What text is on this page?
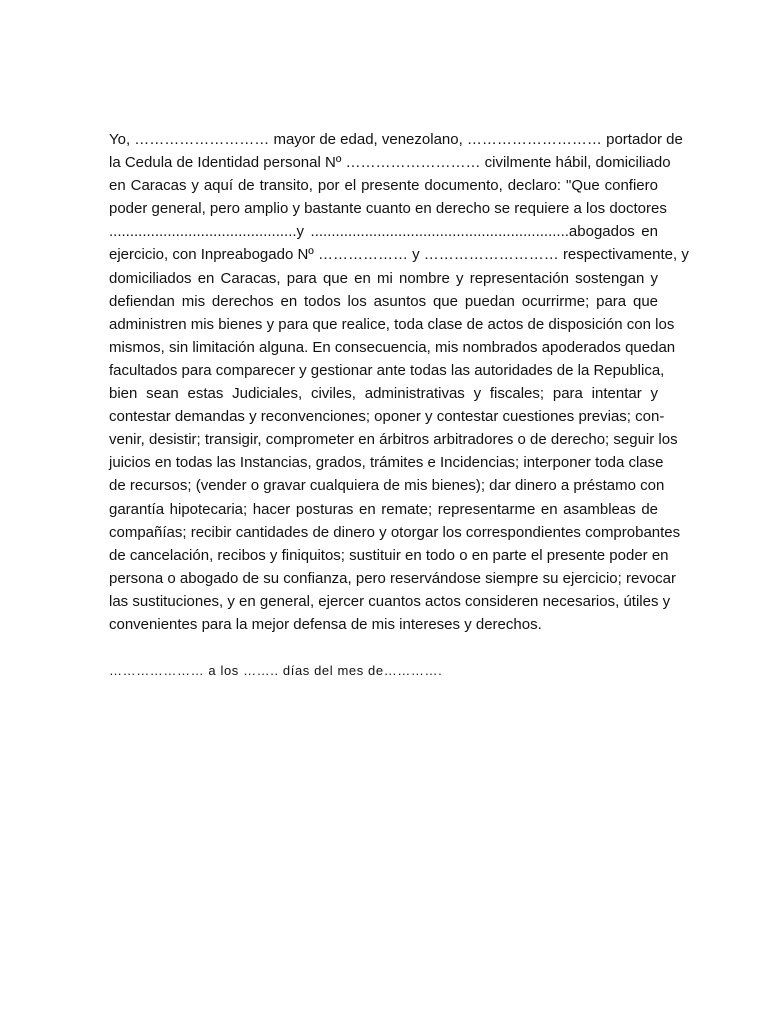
Yo, ……………………… mayor de edad, venezolano, ……………………… portador de
la Cedula de Identidad personal Nº ……………………… civilmente hábil, domiciliado
en Caracas y aquí de transito, por el presente documento, declaro: "Que confiero
poder general, pero amplio y bastante cuanto en derecho se requiere a los doctores
.............................................y ..............................................................abogados en
ejercicio, con Inpreabogado Nº ……………… y ……………………… respectivamente, y
domiciliados en Caracas, para que en mi nombre y representación sostengan y
defiendan mis derechos en todos los asuntos que puedan ocurrirme; para que
administren mis bienes y para que realice, toda clase de actos de disposición con los
mismos, sin limitación alguna. En consecuencia, mis nombrados apoderados quedan
facultados para comparecer y gestionar ante todas las autoridades de la Republica,
bien sean estas Judiciales, civiles, administrativas y fiscales; para intentar y
contestar demandas y reconvenciones; oponer y contestar cuestiones previas; con-
venir, desistir; transigir, comprometer en árbitros arbitradores o de derecho; seguir los
juicios en todas las Instancias, grados, trámites e Incidencias; interponer toda clase
de recursos; (vender o gravar cualquiera de mis bienes); dar dinero a préstamo con
garantía hipotecaria; hacer posturas en remate; representarme en asambleas de
compañías; recibir cantidades de dinero y otorgar los correspondientes comprobantes
de cancelación, recibos y finiquitos; sustituir en todo o en parte el presente poder en
persona o abogado de su confianza, pero reservándose siempre su ejercicio; revocar
las sustituciones, y en general, ejercer cuantos actos consideren necesarios, útiles y
convenientes para la mejor defensa de mis intereses y derechos.

………………… a los …….. días del mes de………….
